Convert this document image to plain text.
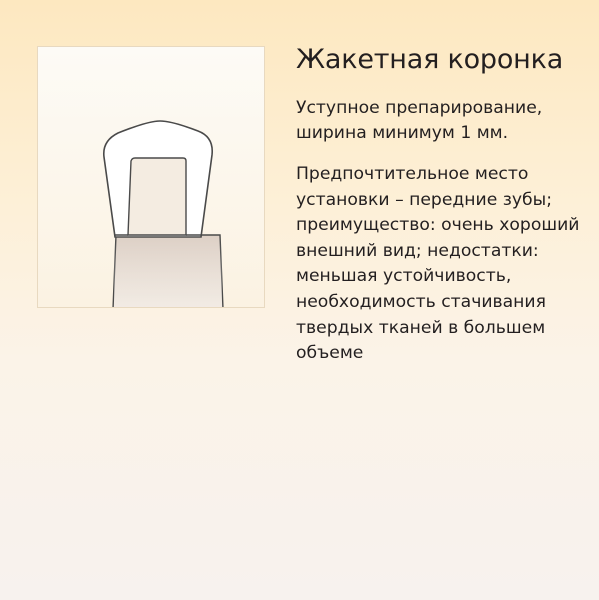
Жакетная коронка

Уступное препарирование, ширина минимум 1 мм.

Предпочтительное место установки – передние зубы; преимущество: очень хороший внешний вид; недостатки: меньшая устойчивость, необходимость стачивания твердых тканей в большем объеме
